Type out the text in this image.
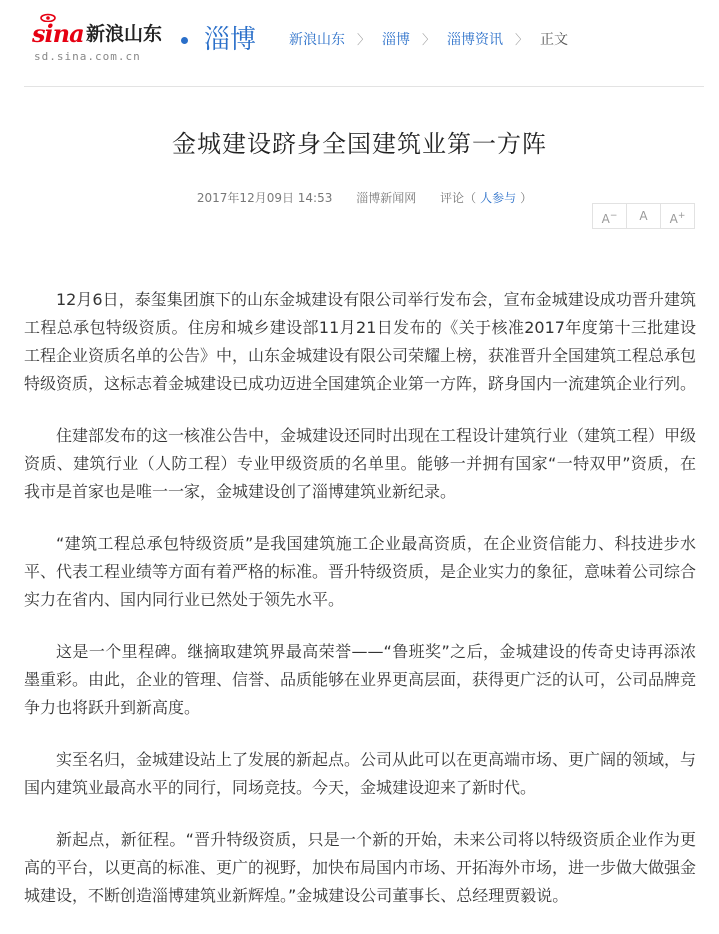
sina 新浪山东
sd.sina.com.cn
淄博 新浪山东 〉 淄博 〉 淄博资讯 〉 正文
金城建设跻身全国建筑业第一方阵
2017年12月09日 14:53 淄博新闻网 评论（ 人参与 ）
A−	A	A+

12月6日，泰玺集团旗下的山东金城建设有限公司举行发布会，宣布金城建设成功晋升建筑工程总承包特级资质。住房和城乡建设部11月21日发布的《关于核准2017年度第十三批建设工程企业资质名单的公告》中，山东金城建设有限公司荣耀上榜，获准晋升全国建筑工程总承包特级资质，这标志着金城建设已成功迈进全国建筑企业第一方阵，跻身国内一流建筑企业行列。

住建部发布的这一核准公告中，金城建设还同时出现在工程设计建筑行业（建筑工程）甲级资质、建筑行业（人防工程）专业甲级资质的名单里。能够一并拥有国家“一特双甲”资质，在我市是首家也是唯一一家，金城建设创了淄博建筑业新纪录。

“建筑工程总承包特级资质”是我国建筑施工企业最高资质，在企业资信能力、科技进步水平、代表工程业绩等方面有着严格的标准。晋升特级资质，是企业实力的象征，意味着公司综合实力在省内、国内同行业已然处于领先水平。

这是一个里程碑。继摘取建筑界最高荣誉——“鲁班奖”之后，金城建设的传奇史诗再添浓墨重彩。由此，企业的管理、信誉、品质能够在业界更高层面，获得更广泛的认可，公司品牌竞争力也将跃升到新高度。

实至名归，金城建设站上了发展的新起点。公司从此可以在更高端市场、更广阔的领域，与国内建筑业最高水平的同行，同场竞技。今天，金城建设迎来了新时代。

新起点，新征程。“晋升特级资质，只是一个新的开始，未来公司将以特级资质企业作为更高的平台，以更高的标准、更广的视野，加快布局国内市场、开拓海外市场，进一步做大做强金城建设，不断创造淄博建筑业新辉煌。”金城建设公司董事长、总经理贾毅说。
